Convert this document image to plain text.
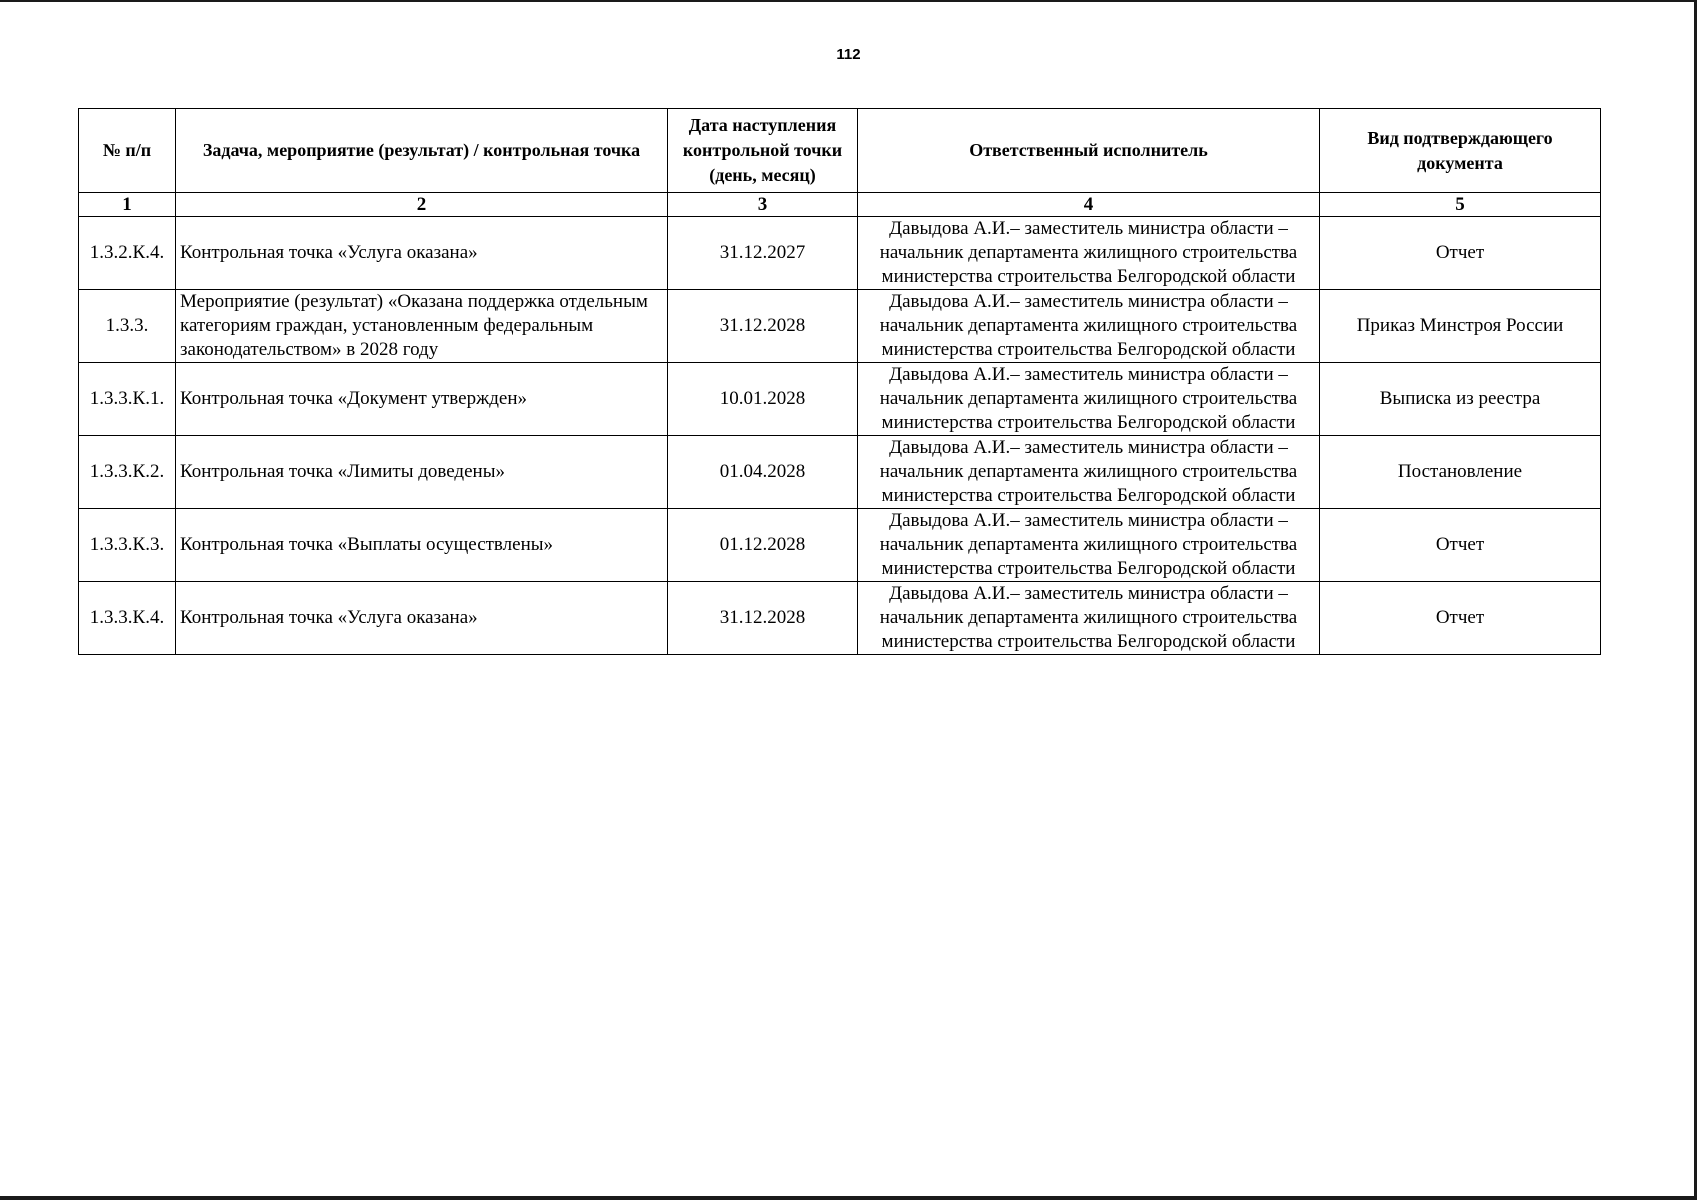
112
№ п/п	Задача, мероприятие (результат) / контрольная точка	Дата наступления контрольной точки (день, месяц)	Ответственный исполнитель	Вид подтверждающего документа
1	2	3	4	5
1.3.2.К.4.	Контрольная точка «Услуга оказана»	31.12.2027	Давыдова А.И.– заместитель министра области – начальник департамента жилищного строительства министерства строительства Белгородской области	Отчет
1.3.3.	Мероприятие (результат) «Оказана поддержка отдельным категориям граждан, установленным федеральным законодательством» в 2028 году	31.12.2028	Давыдова А.И.– заместитель министра области – начальник департамента жилищного строительства министерства строительства Белгородской области	Приказ Минстроя России
1.3.3.К.1.	Контрольная точка «Документ утвержден»	10.01.2028	Давыдова А.И.– заместитель министра области – начальник департамента жилищного строительства министерства строительства Белгородской области	Выписка из реестра
1.3.3.К.2.	Контрольная точка «Лимиты доведены»	01.04.2028	Давыдова А.И.– заместитель министра области – начальник департамента жилищного строительства министерства строительства Белгородской области	Постановление
1.3.3.К.3.	Контрольная точка «Выплаты осуществлены»	01.12.2028	Давыдова А.И.– заместитель министра области – начальник департамента жилищного строительства министерства строительства Белгородской области	Отчет
1.3.3.К.4.	Контрольная точка «Услуга оказана»	31.12.2028	Давыдова А.И.– заместитель министра области – начальник департамента жилищного строительства министерства строительства Белгородской области	Отчет
